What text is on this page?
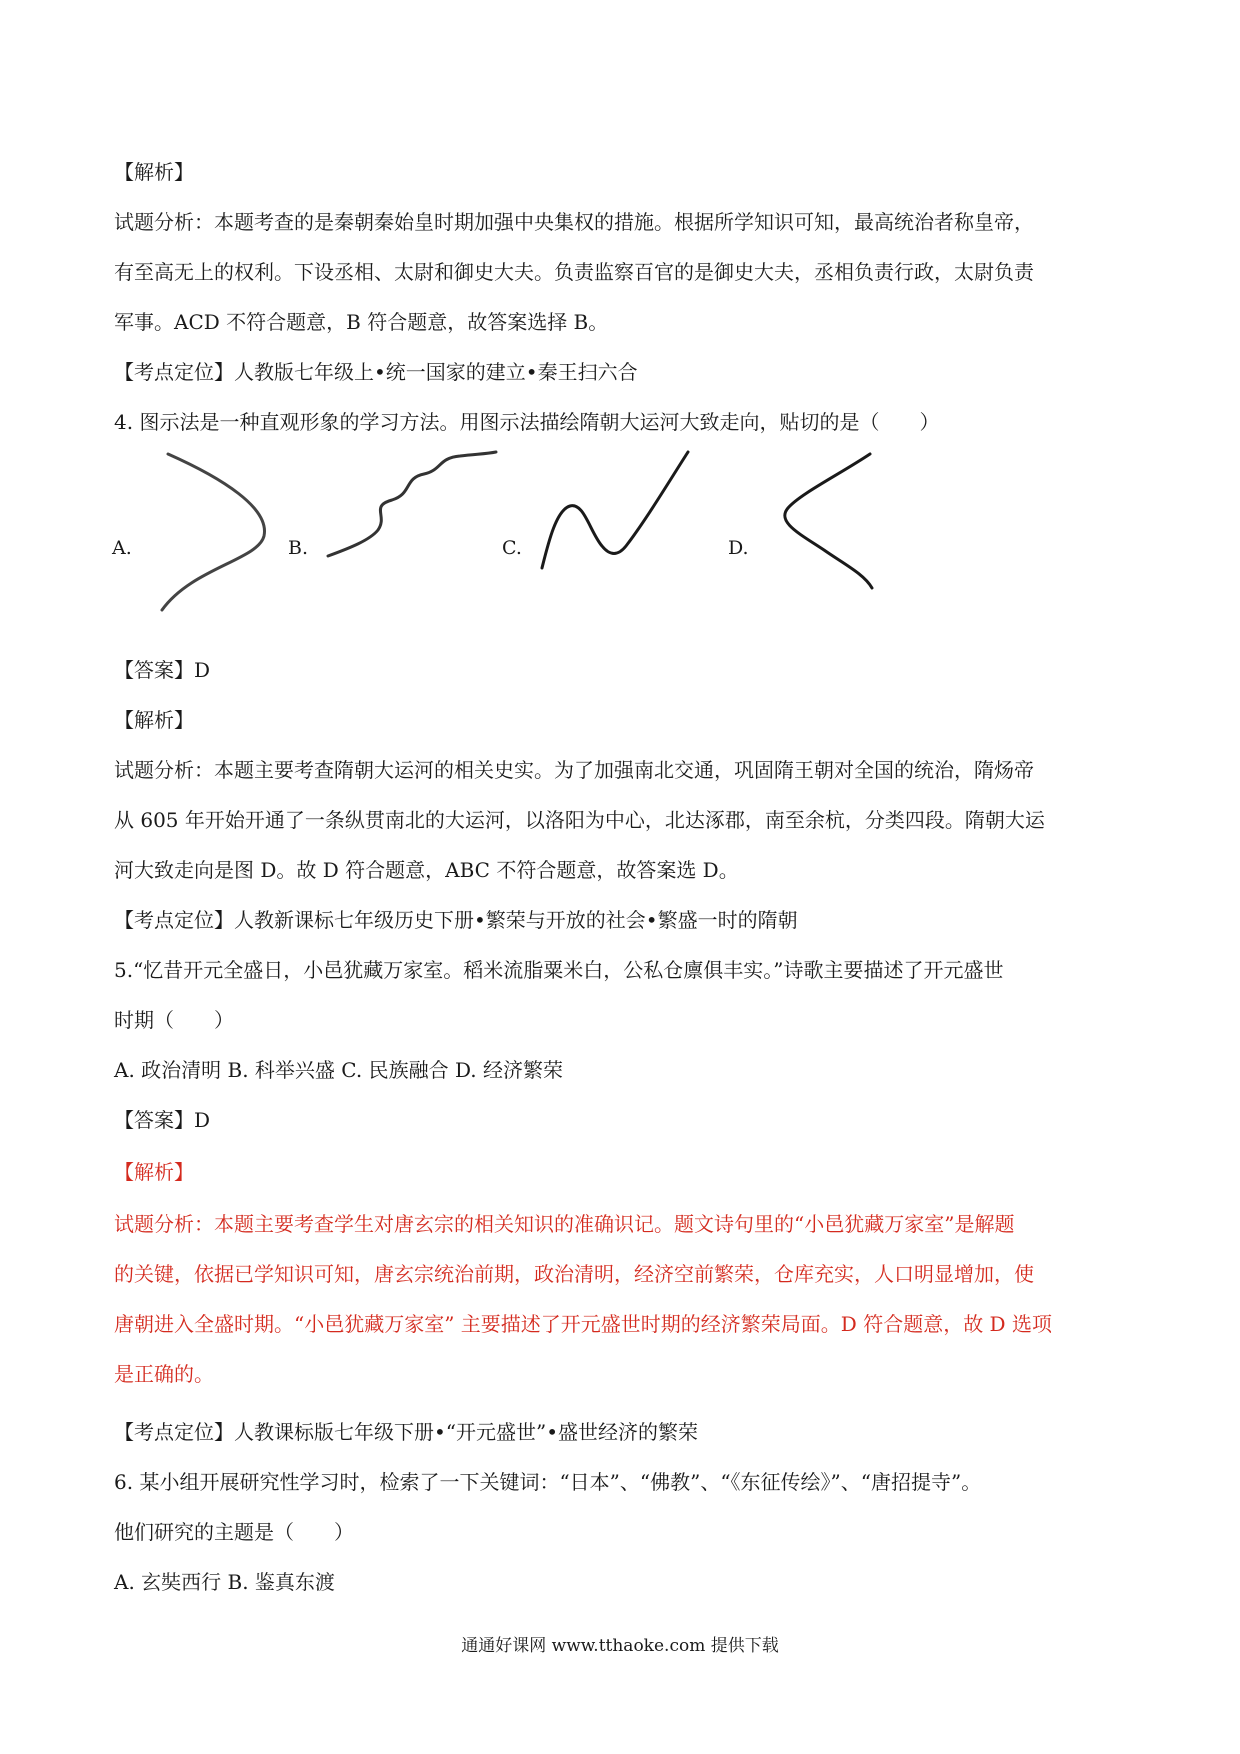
【解析】
试题分析：本题考查的是秦朝秦始皇时期加强中央集权的措施。根据所学知识可知，最高统治者称皇帝，
有至高无上的权利。下设丞相、太尉和御史大夫。负责监察百官的是御史大夫，丞相负责行政，太尉负责
军事。ACD 不符合题意，B 符合题意，故答案选择 B。
【考点定位】人教版七年级上•统一国家的建立•秦王扫六合
4. 图示法是一种直观形象的学习方法。用图示法描绘隋朝大运河大致走向，贴切的是（　　）
A.	B.	C.	D.
【答案】D
【解析】
试题分析：本题主要考查隋朝大运河的相关史实。为了加强南北交通，巩固隋王朝对全国的统治，隋炀帝
从 605 年开始开通了一条纵贯南北的大运河，以洛阳为中心，北达涿郡，南至余杭，分类四段。隋朝大运
河大致走向是图 D。故 D 符合题意，ABC 不符合题意，故答案选 D。
【考点定位】人教新课标七年级历史下册•繁荣与开放的社会•繁盛一时的隋朝
5.“忆昔开元全盛日，小邑犹藏万家室。稻米流脂粟米白，公私仓廪俱丰实。”诗歌主要描述了开元盛世
时期（　　）
A. 政治清明 B. 科举兴盛 C. 民族融合 D. 经济繁荣
【答案】D
【解析】
试题分析：本题主要考查学生对唐玄宗的相关知识的准确识记。题文诗句里的“小邑犹藏万家室”是解题
的关键，依据已学知识可知，唐玄宗统治前期，政治清明，经济空前繁荣，仓库充实，人口明显增加，使
唐朝进入全盛时期。“小邑犹藏万家室” 主要描述了开元盛世时期的经济繁荣局面。D 符合题意，故 D 选项
是正确的。
【考点定位】人教课标版七年级下册•“开元盛世”•盛世经济的繁荣
6. 某小组开展研究性学习时，检索了一下关键词：“日本”、“佛教”、“《东征传绘》”、“唐招提寺”。
他们研究的主题是（　　）
A. 玄奘西行 B. 鉴真东渡
通通好课网 www.tthaoke.com 提供下载
